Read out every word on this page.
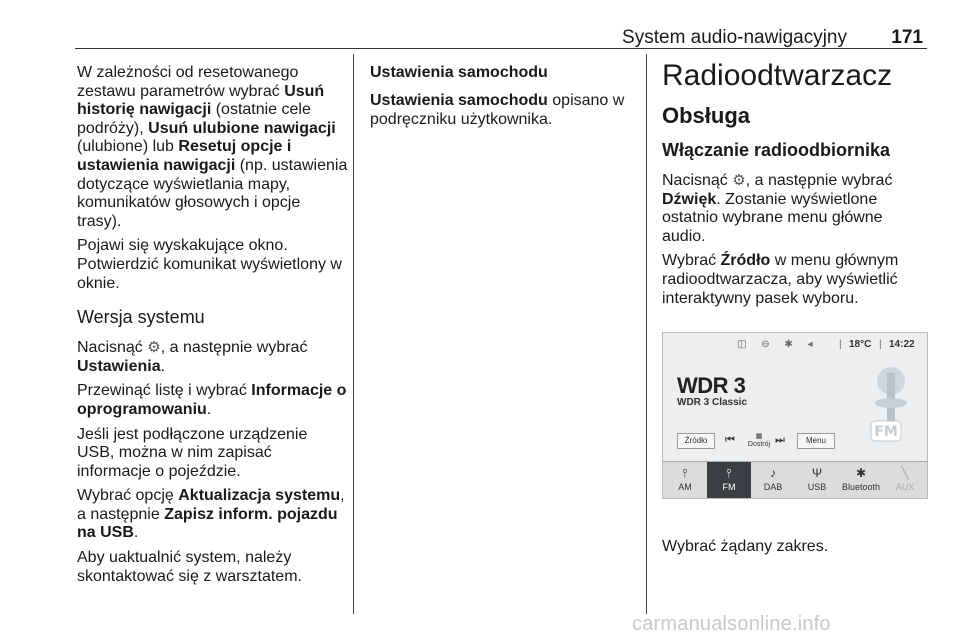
System audio-nawigacyjny 171

W zależności od resetowanego zestawu parametrów wybrać Usuń historię nawigacji (ostatnie cele podróży), Usuń ulubione nawigacji (ulubione) lub Resetuj opcje i ustawienia nawigacji (np. ustawienia dotyczące wyświetlania mapy, komunikatów głosowych i opcje trasy).

Pojawi się wyskakujące okno. Potwierdzić komunikat wyświetlony w oknie.

Wersja systemu

Nacisnąć ⚙, a następnie wybrać Ustawienia.

Przewinąć listę i wybrać Informacje o oprogramowaniu.

Jeśli jest podłączone urządzenie USB, można w nim zapisać informacje o pojeździe.

Wybrać opcję Aktualizacja systemu, a następnie Zapisz inform. pojazdu na USB.

Aby uaktualnić system, należy skontaktować się z warsztatem.

Ustawienia samochodu

Ustawienia samochodu opisano w podręczniku użytkownika.

Radioodtwarzacz
Obsługa
Włączanie radioodbiornika

Nacisnąć ⚙, a następnie wybrać Dźwięk. Zostanie wyświetlone ostatnio wybrane menu główne audio.

Wybrać Źródło w menu głównym radioodtwarzacza, aby wyświetlić interaktywny pasek wyboru.

◫ ⊖ ✱ ◂ | 18°C | 14:22
WDR 3
WDR 3 Classic
FM
Źródło	⏮	▦
Dostrój ⏭	Menu
⫯
AM
⫯
FM
♪
DAB
Ψ
USB
✱
Bluetooth
╲
AUX
Wybrać żądany zakres.
carmanualsonline.info
